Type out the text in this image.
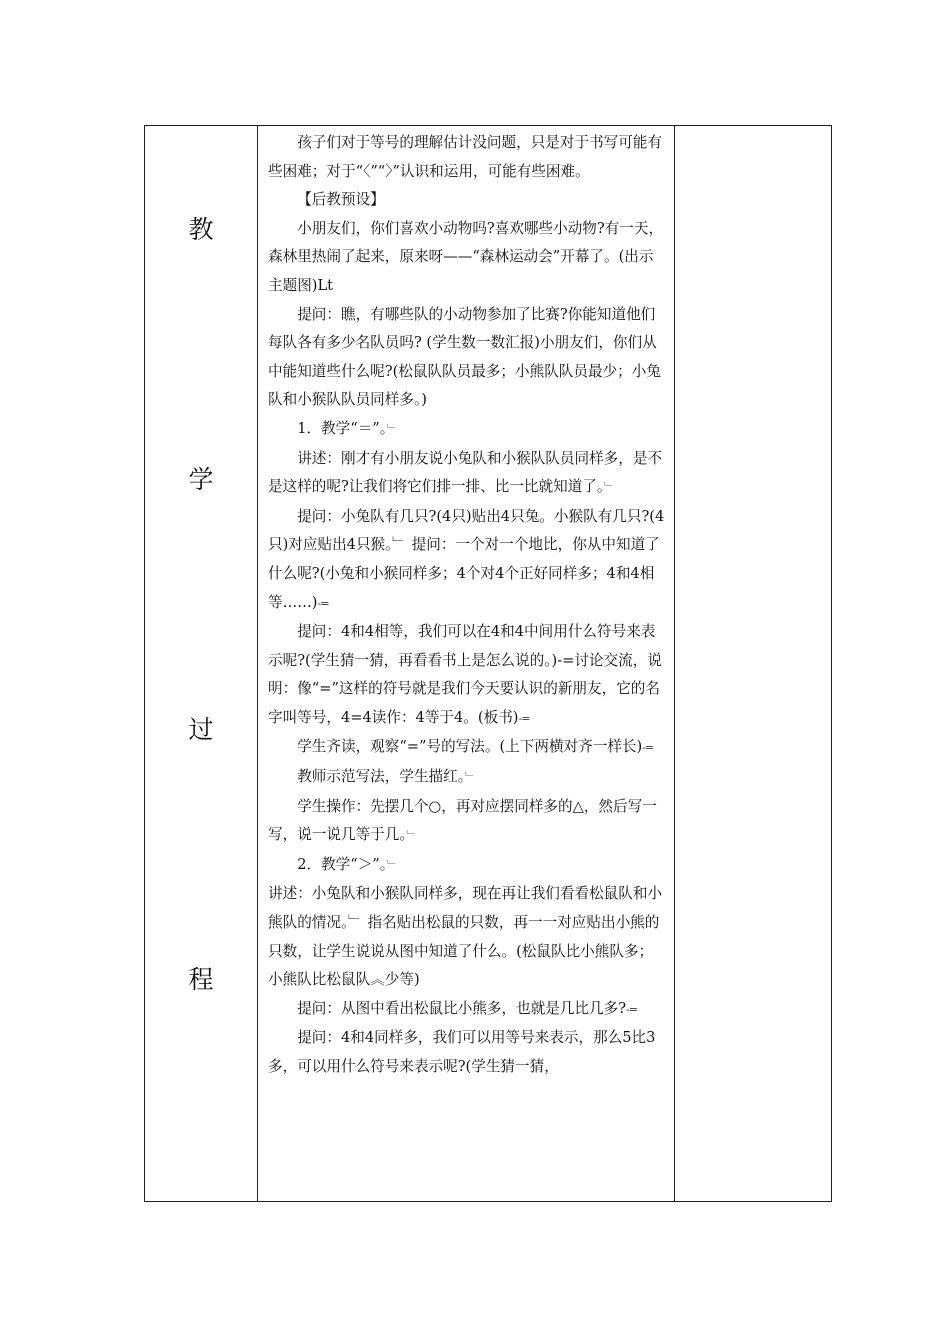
教
学
过
程

孩子们对于等号的理解估计没问题，只是对于书写可能有些困难；对于“〈”“〉”认识和运用，可能有些困难。

【后教预设】

小朋友们，你们喜欢小动物吗?喜欢哪些小动物?有一天，森林里热闹了起来，原来呀——“森林运动会”开幕了。(出示主题图)Lt

提问：瞧，有哪些队的小动物参加了比赛?你能知道他们每队各有多少名队员吗? (学生数一数汇报)小朋友们，你们从中能知道些什么呢?(松鼠队队员最多；小熊队队员最少；小兔队和小猴队队员同样多。)

1．教学“＝”。﹂

讲述：刚才有小朋友说小兔队和小猴队队员同样多，是不是这样的呢?让我们将它们排一排、比一比就知道了。﹂

提问：小兔队有几只?(4只)贴出4只兔。小猴队有几只?(4只)对应贴出4只猴。﹂ 提问：一个对一个地比，你从中知道了什么呢?(小兔和小猴同样多；4个对4个正好同样多；4和4相等……)-=

提问：4和4相等，我们可以在4和4中间用什么符号来表示呢?(学生猜一猜，再看看书上是怎么说的。)-=讨论交流，说明：像“=”这样的符号就是我们今天要认识的新朋友，它的名字叫等号，4=4读作：4等于4。(板书)-=

学生齐读，观察“=”号的写法。(上下两横对齐一样长)-=

教师示范写法，学生描红。﹂

学生操作：先摆几个○，再对应摆同样多的△，然后写一写，说一说几等于几。﹂

2．教学“＞”。﹂

讲述：小兔队和小猴队同样多，现在再让我们看看松鼠队和小熊队的情况。﹂ 指名贴出松鼠的只数，再一一对应贴出小熊的只数，让学生说说从图中知道了什么。(松鼠队比小熊队多；小熊队比松鼠队︽少等)

提问：从图中看出松鼠比小熊多，也就是几比几多?-=

提问：4和4同样多，我们可以用等号来表示，那么5比3多，可以用什么符号来表示呢?(学生猜一猜，
